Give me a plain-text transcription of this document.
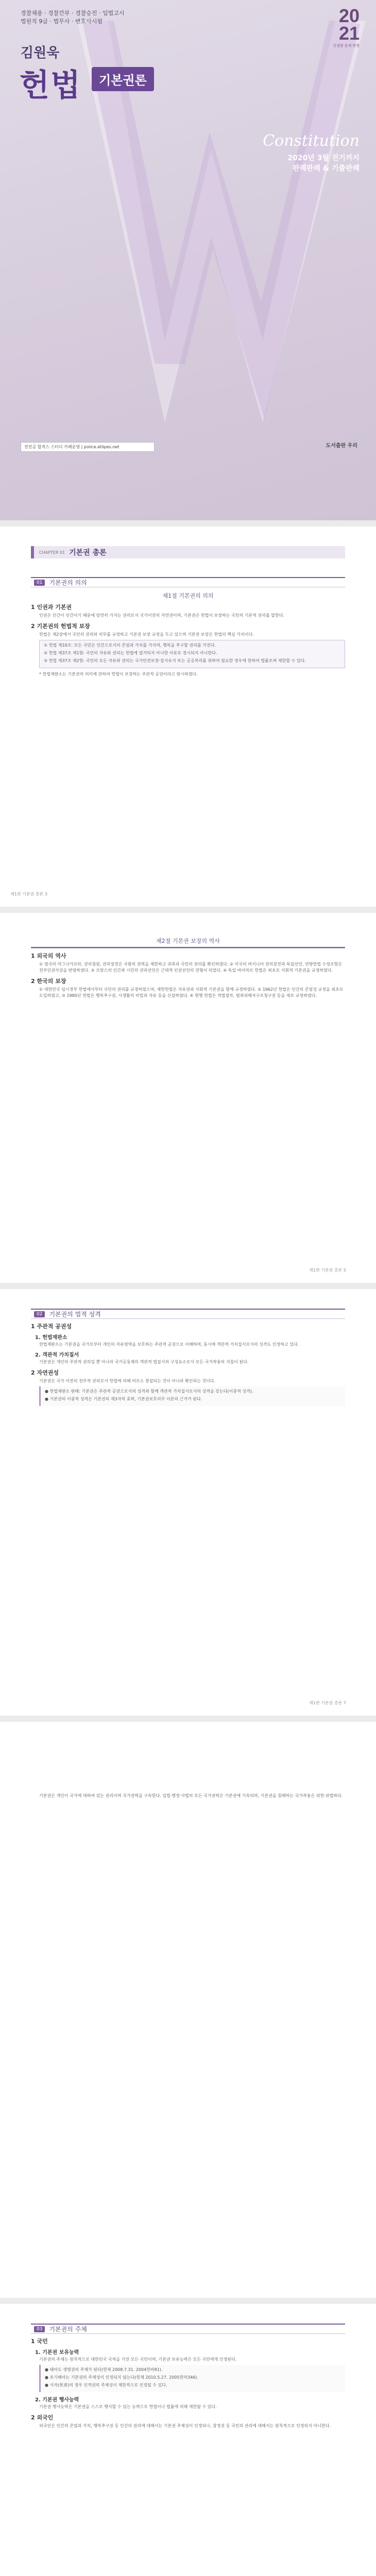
경찰채용 · 경찰간부 · 경찰승진 · 입법고시
법원직 9급 · 법무사 · 변호사시험	20
21
신경향 문제 반영
김원욱
헌법	기본권론
Constitution
2020년 3월 전기까지
판례판례 & 기출판례
전진공 합격스 스터디 카페운영 | police.atlipes.net	도서출판 우리
CHAPTER 01 기본권 총론
01	기본권의 의의
제1절 기본권의 의의
1 인권과 기본권
인권은 인간이 인간이기 때문에 당연히 가지는 권리로서 국가이전의 자연권이며, 기본권은 헌법이 보장하는 국민의 기본적 권리를 말한다.
2 기본권의 헌법적 보장
헌법은 제2장에서 국민의 권리와 의무를 규정하고 기본권 보장 규정을 두고 있으며 기본권 보장은 헌법의 핵심 가치이다.
① 헌법 제10조: 모든 국민은 인간으로서의 존엄과 가치를 가지며, 행복을 추구할 권리를 가진다.
② 헌법 제37조 제1항: 국민의 자유와 권리는 헌법에 열거되지 아니한 이유로 경시되지 아니한다.
③ 헌법 제37조 제2항: 국민의 모든 자유와 권리는 국가안전보장·질서유지 또는 공공복리를 위하여 필요한 경우에 한하여 법률로써 제한할 수 있다.
* 헌법재판소는 기본권의 의미에 관하여 헌법이 보장하는 주관적 공권이라고 판시하였다.
제1편 기본권 총론 3
제2절 기본권 보장의 역사
1 외국의 역사
① 영국의 마그나카르타, 권리청원, 권리장전은 국왕의 권력을 제한하고 귀족과 국민의 권리를 확인하였다. ② 미국의 버지니아 권리장전과 독립선언, 연방헌법 수정조항은 천부인권사상을 반영하였다. ③ 프랑스의 인간과 시민의 권리선언은 근대적 인권선언의 전형이 되었다. ④ 독일 바이마르 헌법은 최초로 사회적 기본권을 규정하였다.
2 한국의 보장
① 대한민국 임시정부 헌법에서부터 국민의 권리를 규정하였으며, 제헌헌법은 자유권과 사회적 기본권을 함께 규정하였다. ② 1962년 헌법은 인간의 존엄성 규정을 최초로 도입하였고, ③ 1980년 헌법은 행복추구권, 사생활의 비밀과 자유 등을 신설하였다. ④ 현행 헌법은 적법절차, 범죄피해자구조청구권 등을 새로 규정하였다.
제1편 기본권 총론 5
02	기본권의 법적 성격
1 주관적 공권성
1. 헌법재판소
헌법재판소는 기본권을 국가로부터 개인의 자유영역을 보호하는 주관적 공권으로 이해하며, 동시에 객관적 가치질서로서의 성격도 인정하고 있다.
2. 객관적 가치질서
기본권은 개인의 주관적 권리일 뿐 아니라 국가공동체의 객관적 법질서의 구성요소로서 모든 국가작용의 지침이 된다.
2 자연권성
기본권은 국가 이전의 천부적 권리로서 헌법에 의해 비로소 창설되는 것이 아니라 확인되는 것이다.
● 헌법재판소 판례: 기본권은 주관적 공권으로서의 성격과 함께 객관적 가치질서로서의 성격을 갖는다(이중적 성격).
● 기본권의 이중적 성격은 기본권의 제3자적 효력, 기본권보호의무 이론의 근거가 된다.
제1편 기본권 총론 7
기본권은 개인이 국가에 대하여 갖는 권리이며 국가권력을 구속한다. 입법·행정·사법의 모든 국가권력은 기본권에 기속되며, 기본권을 침해하는 국가작용은 위헌·위법하다.
03	기본권의 주체
1 국민
1. 기본권 보유능력
기본권의 주체는 원칙적으로 대한민국 국적을 가진 모든 국민이며, 기본권 보유능력은 모든 국민에게 인정된다.
● 태아도 생명권의 주체가 된다(헌재 2008.7.31. 2004헌바81).
● 초기배아는 기본권의 주체성이 인정되지 않는다(헌재 2010.5.27. 2005헌마346).
● 사자(死者)의 경우 인격권의 주체성이 제한적으로 인정될 수 있다.
2. 기본권 행사능력
기본권 행사능력은 기본권을 스스로 행사할 수 있는 능력으로 헌법이나 법률에 의해 제한될 수 있다.
2 외국인
외국인은 인간의 존엄과 가치, 행복추구권 등 인간의 권리에 대해서는 기본권 주체성이 인정되나, 참정권 등 국민의 권리에 대해서는 원칙적으로 인정되지 아니한다.
